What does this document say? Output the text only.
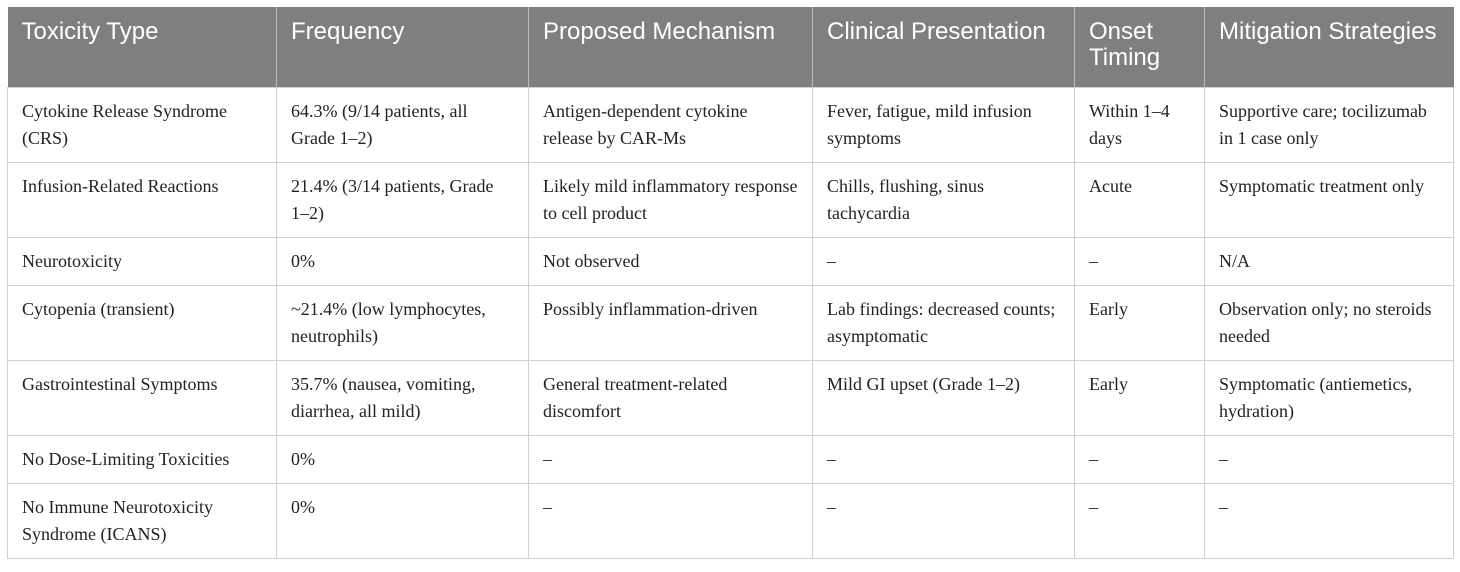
Toxicity Type	Frequency	Proposed Mechanism	Clinical Presentation	Onset Timing	Mitigation Strategies
Cytokine Release Syndrome (CRS)	64.3% (9/14 patients, all Grade 1–2)	Antigen-dependent cytokine release by CAR-Ms	Fever, fatigue, mild infusion symptoms	Within 1–4 days	Supportive care; tocilizumab in 1 case only
Infusion-Related Reactions	21.4% (3/14 patients, Grade 1–2)	Likely mild inflammatory response to cell product	Chills, flushing, sinus tachycardia	Acute	Symptomatic treatment only
Neurotoxicity	0%	Not observed	–	–	N/A
Cytopenia (transient)	~21.4% (low lymphocytes, neutrophils)	Possibly inflammation-driven	Lab findings: decreased counts; asymptomatic	Early	Observation only; no steroids needed
Gastrointestinal Symptoms	35.7% (nausea, vomiting, diarrhea, all mild)	General treatment-related discomfort	Mild GI upset (Grade 1–2)	Early	Symptomatic (antiemetics, hydration)
No Dose-Limiting Toxicities	0%	–	–	–	–
No Immune Neurotoxicity Syndrome (ICANS)	0%	–	–	–	–
